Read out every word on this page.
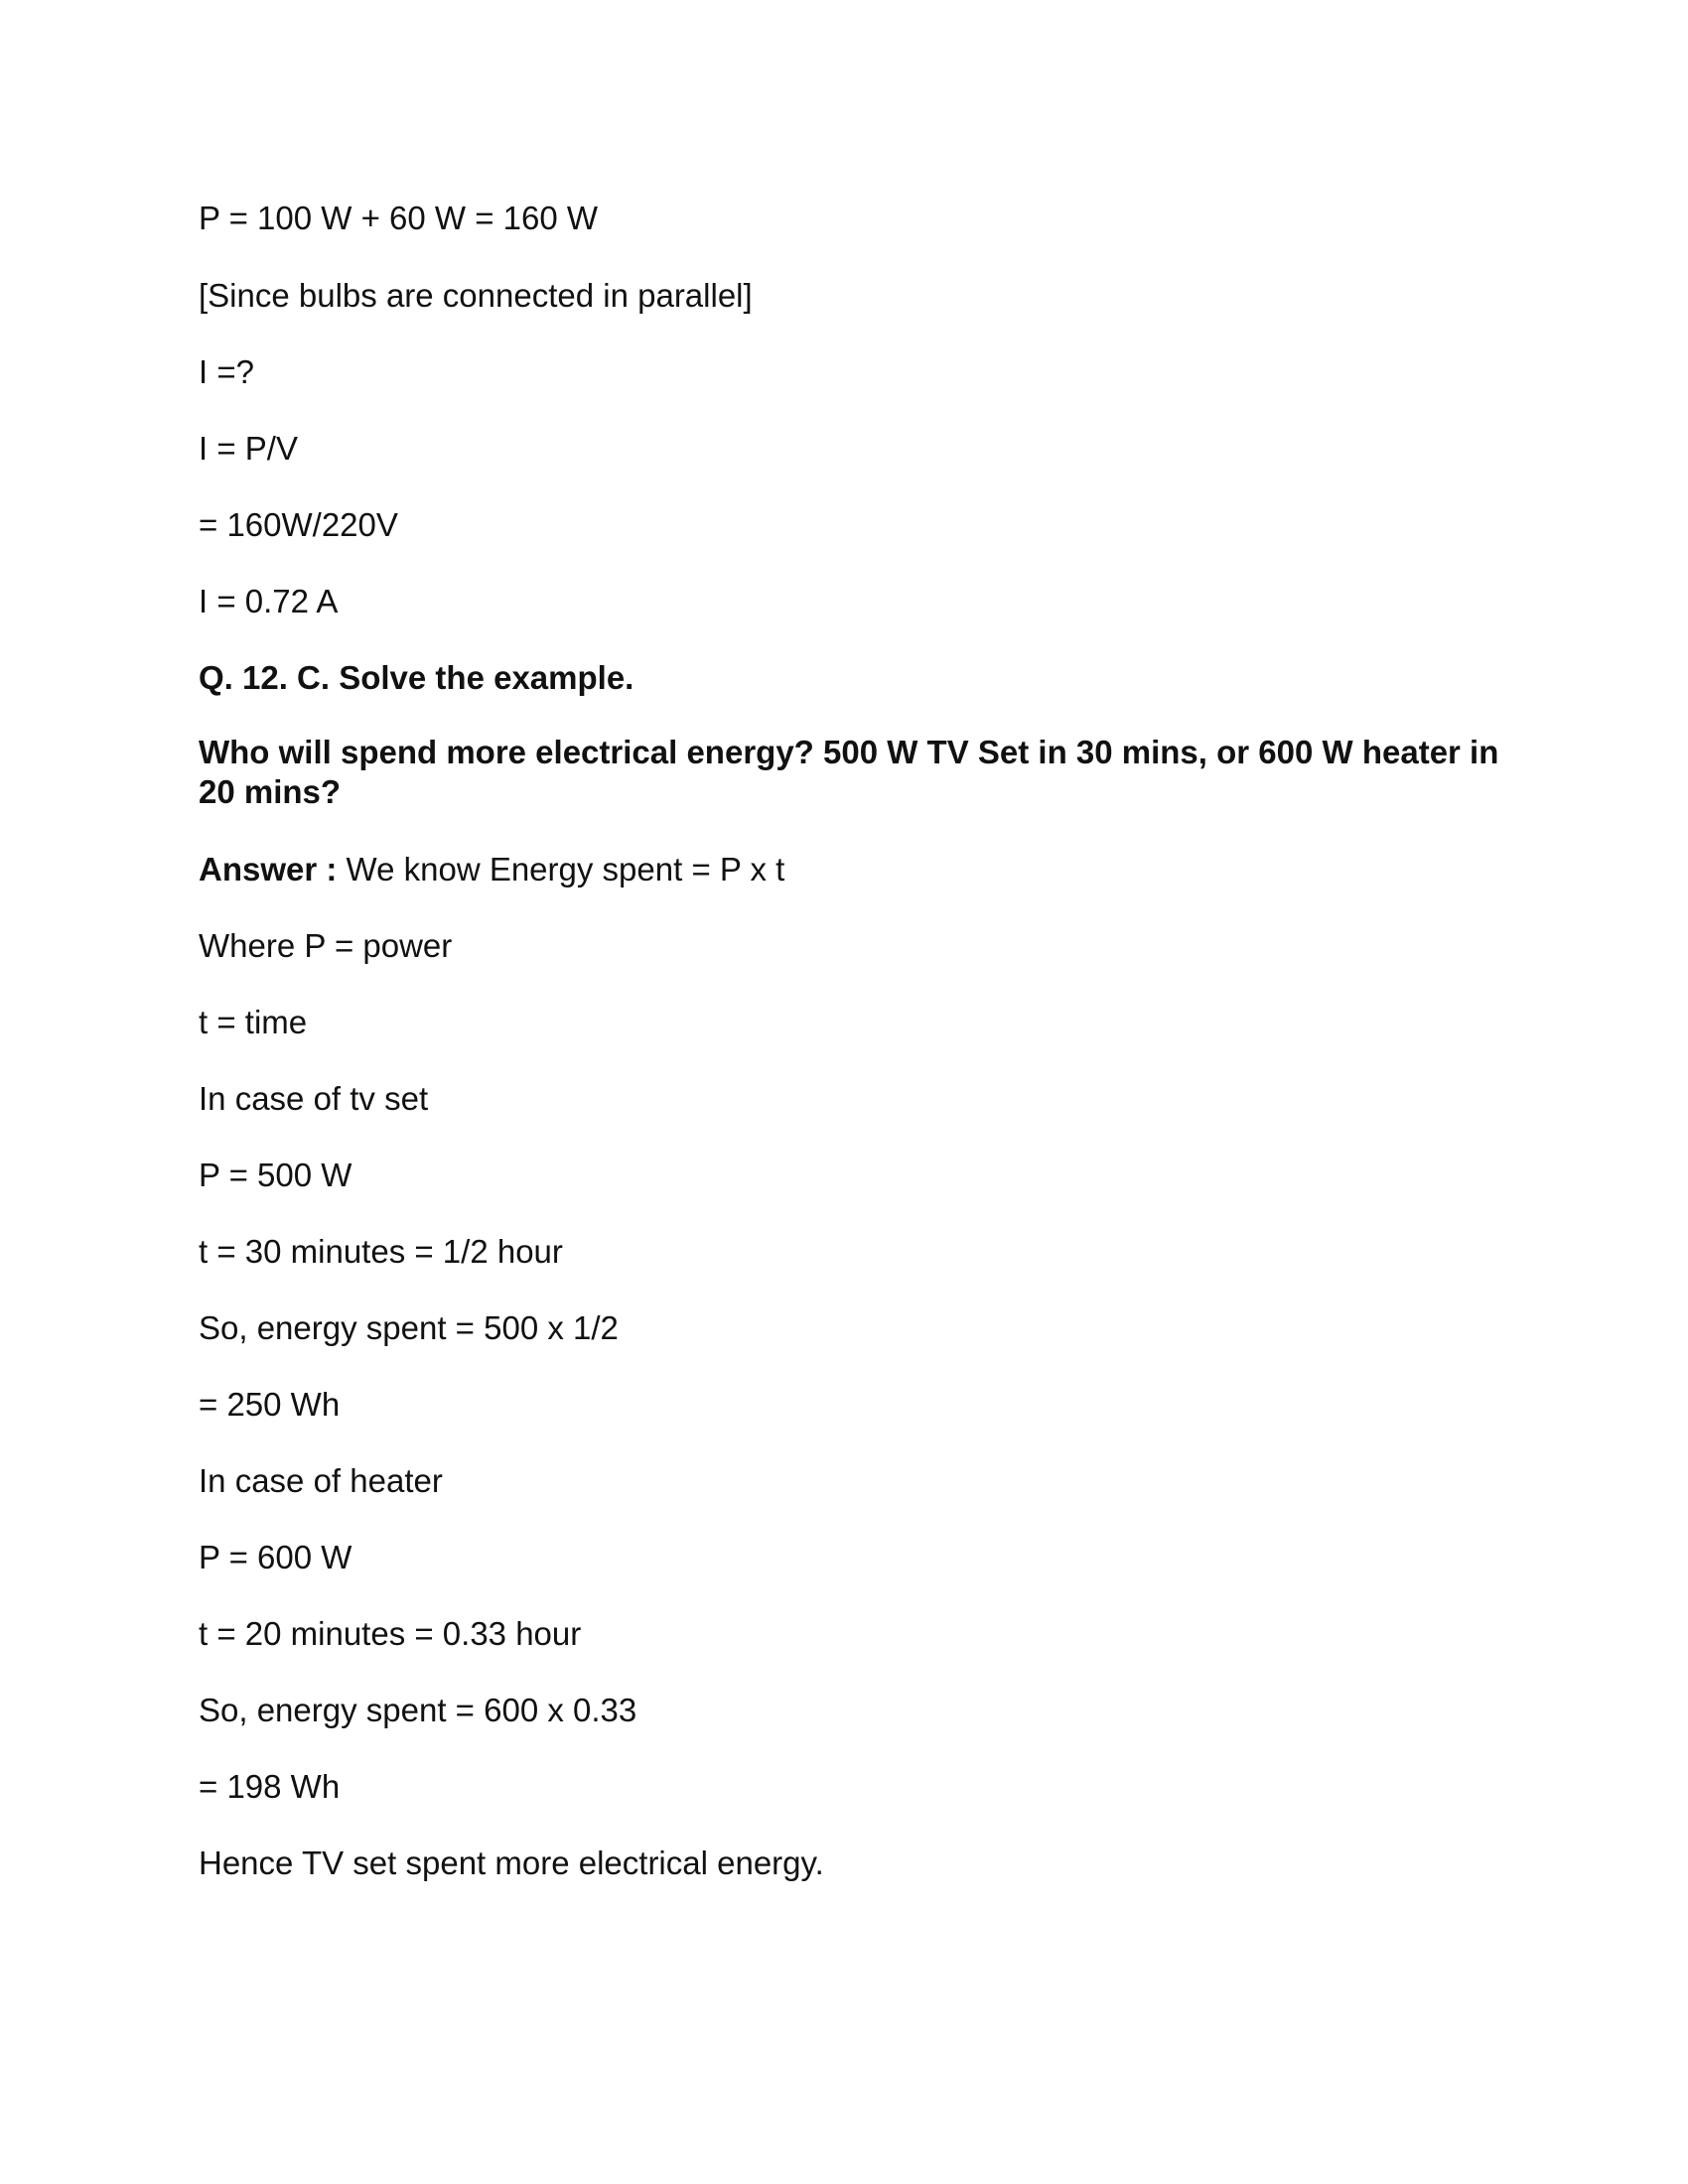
P = 100 W + 60 W = 160 W

[Since bulbs are connected in parallel]

I =?

I = P/V

= 160W/220V

I = 0.72 A

Q. 12. C. Solve the example.

Who will spend more electrical energy? 500 W TV Set in 30 mins, or 600 W heater in 20 mins?

Answer : We know Energy spent = P x t

Where P = power

t = time

In case of tv set

P = 500 W

t = 30 minutes = 1/2 hour

So, energy spent = 500 x 1/2

= 250 Wh

In case of heater

P = 600 W

t = 20 minutes = 0.33 hour

So, energy spent = 600 x 0.33

= 198 Wh

Hence TV set spent more electrical energy.
